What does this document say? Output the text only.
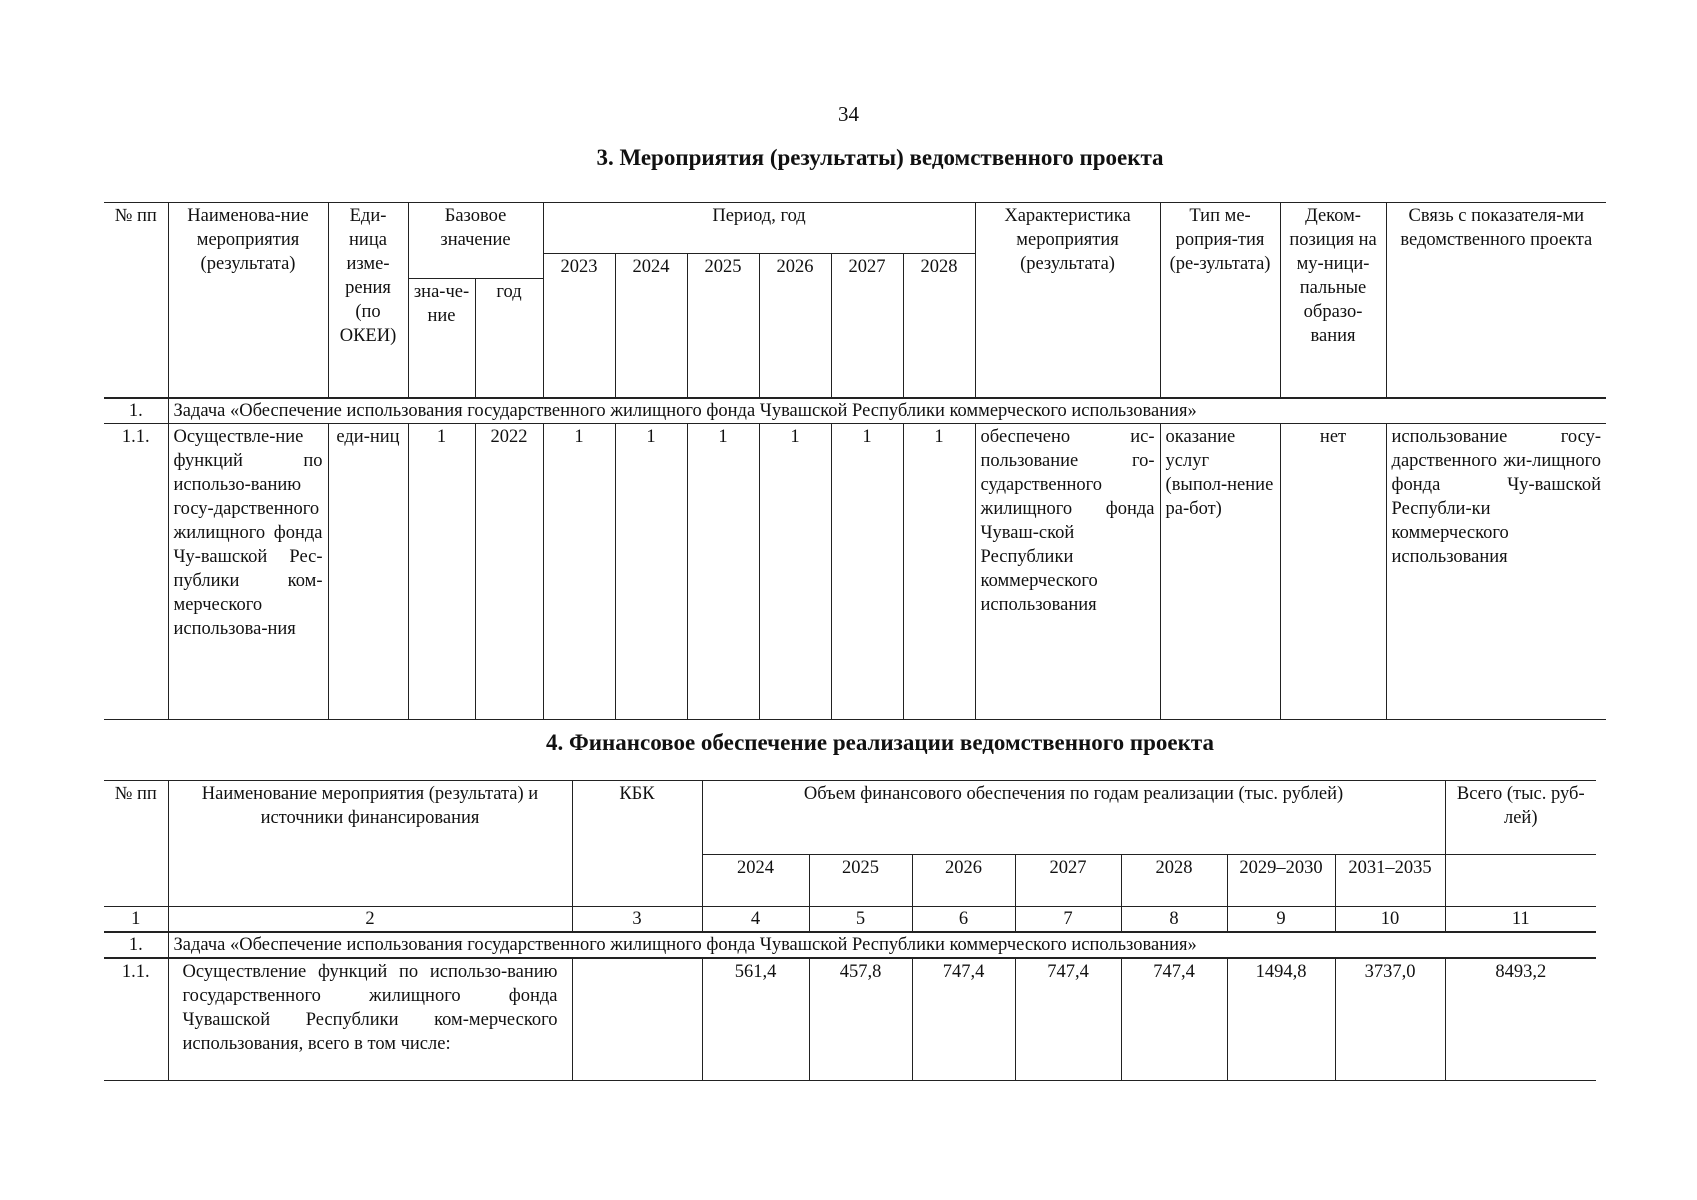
34
3. Мероприятия (результаты) ведомственного проекта
№ пп	Наименова-ние мероприятия (результата)	Еди-ница изме-рения (по ОКЕИ)	Базовое значение		Период, год						Характеристика мероприятия (результата)	Тип ме-роприя-тия (ре-зультата)	Деком-позиция на му-ници-пальные образо-вания	Связь с показателя-ми ведомственного проекта
					2023	2024	2025	2026	2027	2028				
			зна-че-ние	год										
1.	Задача «Обеспечение использования государственного жилищного фонда Чувашской Республики коммерческого использования»													
1.1.	Осуществле-ние функций по использо-ванию госу-дарственного жилищного фонда Чу-вашской Рес-публики ком-мерческого использова-ния	еди-ниц	1	2022	1	1	1	1	1	1	обеспечено ис-пользование го-сударственного жилищного фонда Чуваш-ской Республики коммерческого использования	оказание услуг (выпол-нение ра-бот)	нет	использование госу-дарственного жи-лищного фонда Чу-вашской Республи-ки коммерческого использования
4. Финансовое обеспечение реализации ведомственного проекта
№ пп	Наименование мероприятия (результата) и источники финансирования	КБК	Объем финансового обеспечения по годам реализации (тыс. рублей)							Всего (тыс. руб-лей)
			2024	2025	2026	2027	2028	2029–2030	2031–2035	
1	2	3	4	5	6	7	8	9	10	11
1.	Задача «Обеспечение использования государственного жилищного фонда Чувашской Республики коммерческого использования»									
1.1.	Осуществление функций по использо-ванию государственного жилищного фонда Чувашской Республики ком-мерческого использования, всего в том числе:		561,4	457,8	747,4	747,4	747,4	1494,8	3737,0	8493,2
